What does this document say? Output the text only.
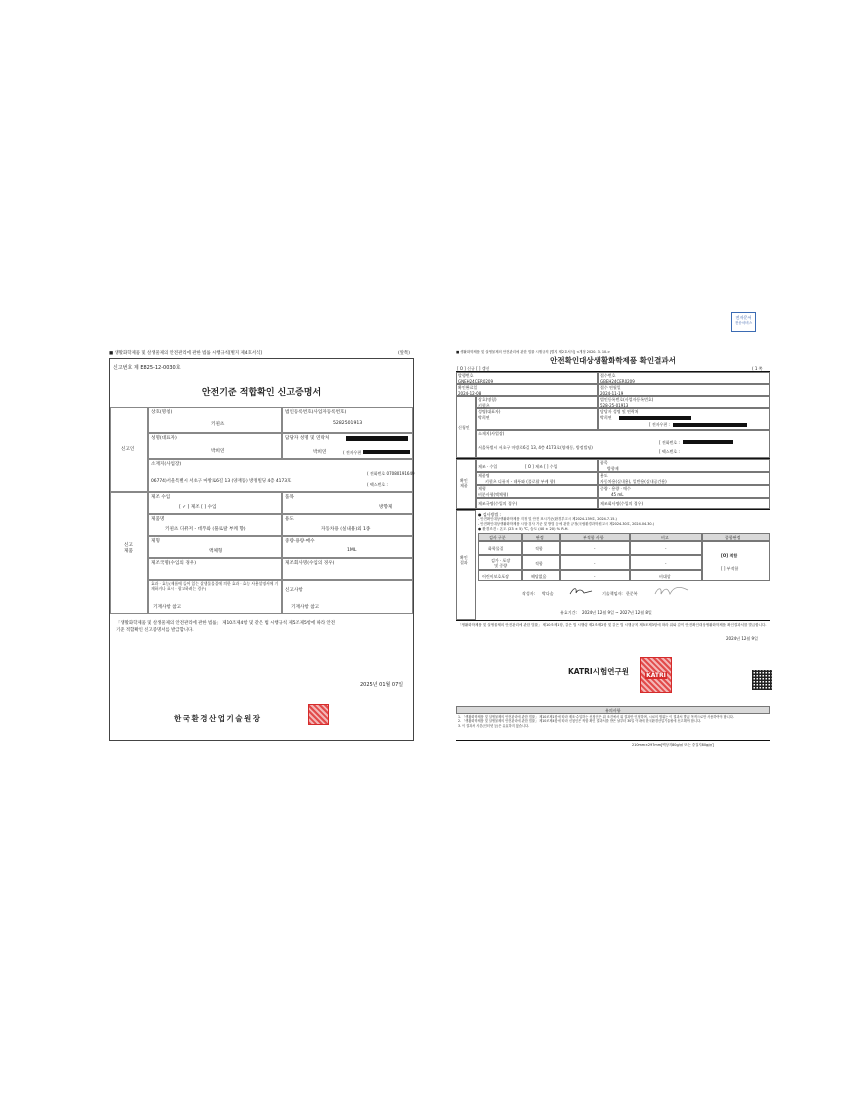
■ 생활화학제품 및 살생물제의 안전관리에 관한 법률 시행규칙[별지 제4호서식]	(앞쪽)
신고번호 제 E825-12-0030호
안전기준 적합확인 신고증명서
신고인
상호(명칭)
키퀀츠
법인등록번호(사업자등록번호)
5282501913
성명(대표자)
박희연
담당자 성명 및 연락처
박희연	( 전자우편
소재지(사업장)
06774)서울특별시 서초구 마방로6길 13 (양재동) 방정빌딩 4층 4173호
( 전화번호 07080191649
( 팩스번호 :
신고
제품
제조 수입
[ ✓ ] 제조 [ ] 수입
품목
방향제
제품명
키퀀츠 디퓨저 - 데푸와 (풀로랄 부케 향)
용도
자동차용 (실내용)외 1종
제형
액체형
중량·용량·매수
1ML
제조국명(수입의 경우)	제조회사명(수입의 경우)
효과 · 효능(제품에 들어 있는 살생물물질에 의한 효과 · 효능 사용설명서에 기재하거나 표시 · 광고하려는 경우)
기재사항 참고
신고사항
기재사항 참고
「생활화학제품 및 살생물제의 안전관리에 관한 법률」 제10조제4항 및 같은 법 시행규칙 제5조제5항에 따라 안전기준 적합확인 신고증명서를 발급합니다.
2025년 01월 07일
한국환경산업기술원장
전자문서
전송서비스
■ 생활화학제품 및 살생물제의 안전관리에 관한 법률 시행규칙 [별지 제2호서식] <개정 2020. 3. 10.>
안전확인대상생활화학제품 확인결과서
[ O ] 신규 [ ] 갱신	( 1 쪽
발행번호
GNEH24CER0209
접수번호
GBEH24CER0209
확인완료일
2024-12-08
접수 연월일
2024-11-19
신청인
상호(명칭)
키퀀츠
법인등록번호(사업자등록번호)
528-25-01913
성명(대표자)
박희연
담당자 성명 및 연락처
박희연
[ 전자우편 :
소재지(사업장)
서울특별시 서초구 마방로6길 13, 4층 4173호(양재동, 방정빌딩)
[ 전화번호 :
[ 팩스번호 :
확인
제품
제조 · 수입	[ O ] 제조 [ ] 수입
품목
방향제
제품명
키퀀츠 디퓨저 - 데푸와 (풀로랄 부케 향)
용도
자동차용(실내용), 일반용(실내공간용)
제형
비분사형(액체형)
중량 · 용량 · 매수
45 mL
제조국명(수입의 경우)	제조회사명(수입의 경우)
확인
결과
● 검사방법 :
- 안전확인대상생활화학제품 지정 및 안전 표시기준(환경부고시 제2024-139호, 2024.7.15.)
- 안전확인대상생활화학제품 시험·검사 기준 및 방법 등에 관한 규정(국립환경과학원고시 제2024-30호, 2024.04.30.)
● 환경조건 : 온도 (23 ± 5) ℃, 습도 (40 ± 20) % R.H.
검사 구분	판정	부적합 사항	비고	종합판정
화학물질	적합	-	-
검가 · 포장
및 중량	적합	-	-
어린이보호포장	해당없음	-	비대상
[O] 적합
[ ] 부적합
작성자: 박다솜	기술책임자: 한문복
유효기간: 2024년 12월 9일 ~ 2027년 12월 8일
「생활화학제품 및 살생물제의 안전관리에 관한 법률」 제10조제1항, 같은 법 시행령 제2조제2항 및 같은 법 시행규칙 제5조제3항에 따라 위와 같이 안전확인대상생활화학제품 확인결과서를 발급합니다.
2024년 12월 9일
KATRI시험연구원	KATRI
유의사항
1. 「생활화학제품 및 살생물제의 안전관리에 관한 법률」 제10조제1항에 따라 제조·수입하는 신청인은 위 조건에서 위 결과만 인정하며, 시료의 범위는 이 결과서 발급 목적으로만 사용하여야 합니다.
2. 「생활화학제품 및 살생물제의 안전관리에 관한 법률」 제10조제4항에 따라 신청인은 적합 확인 결과서를 받은 날부터 30일 이내에 한국환경산업기술원에 신고해야 합니다.
3. 이 결과서 사본(인터넷 등)은 유효하지 않습니다.
210mm×297mm[백상지80g/㎡ 또는 중질지80g/㎡]
